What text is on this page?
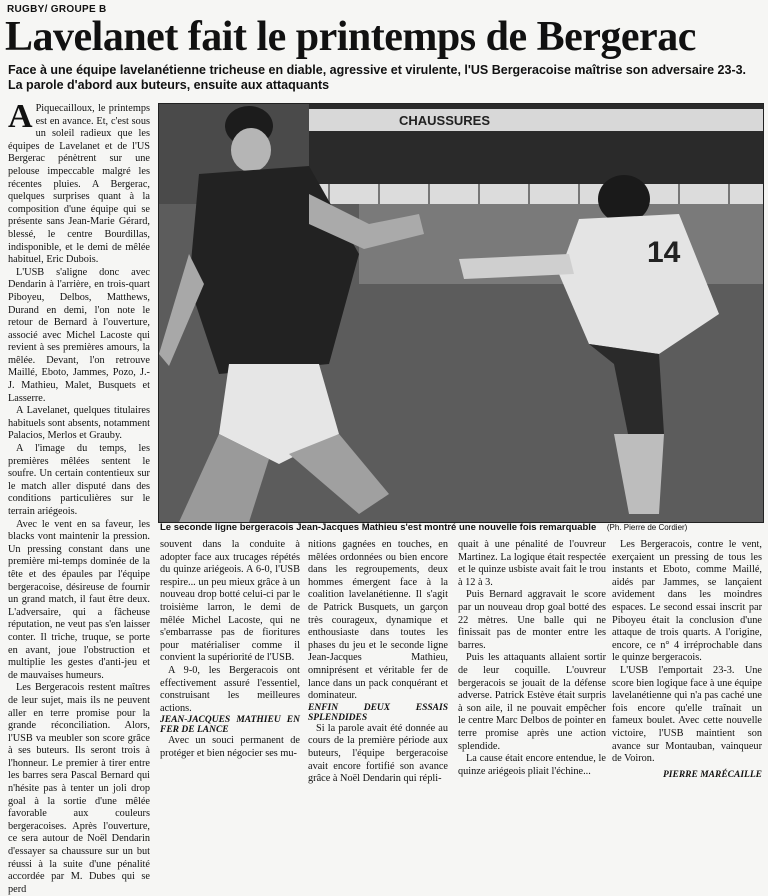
RUGBY/ GROUPE B
Lavelanet fait le printemps de Bergerac
Face à une équipe lavelanétienne tricheuse en diable, agressive et virulente, l'US Bergeracoise maîtrise son adversaire 23-3.
La parole d'abord aux buteurs, ensuite aux attaquants
A Piquecailloux, le printemps est en avance. Et, c'est sous un soleil radieux que les équipes de Lavelanet et de l'US Bergerac pénètrent sur une pelouse impeccable malgré les récentes pluies. A Bergerac, quelques surprises quant à la composition d'une équipe qui se présente sans Jean-Marie Gérard, blessé, le centre Bourdillas, indisponible, et le demi de mêlée habituel, Eric Dubois.

L'USB s'aligne donc avec Dendarin à l'arrière, en trois-quart Piboyeu, Delbos, Matthews, Durand en demi, l'on note le retour de Bernard à l'ouverture, associé avec Michel Lacoste qui revient à ses premières amours, la mêlée. Devant, l'on retrouve Maillé, Eboto, Jammes, Pozo, J.-J. Mathieu, Malet, Busquets et Lasserre.

A Lavelanet, quelques titulaires habituels sont absents, notamment Palacios, Merlos et Grauby.

A l'image du temps, les premières mêlées sentent le soufre. Un certain contentieux sur le match aller disputé dans des conditions particulières sur le terrain ariégeois.

Avec le vent en sa faveur, les blacks vont maintenir la pression. Un pressing constant dans une première mi-temps dominée de la tête et des épaules par l'équipe bergeracoise, désireuse de fournir un grand match, il faut être deux. L'adversaire, qui a fâcheuse réputation, ne veut pas s'en laisser conter. Il triche, truque, se porte en avant, joue l'obstruction et multiplie les gestes d'anti-jeu et de mauvaises humeurs.

Les Bergeracois restent maîtres de leur sujet, mais ils ne peuvent aller en terre promise pour la grande réconciliation. Alors, l'USB va meubler son score grâce à ses buteurs. Ils seront trois à l'honneur. Le premier à tirer entre les barres sera Pascal Bernard qui n'hésite pas à tenter un joli drop goal à la sortie d'une mêlée favorable aux couleurs bergeracoises. Après l'ouverture, ce sera autour de Noël Dendarin d'essayer sa chaussure sur un but réussi à la suite d'une pénalité accordée par M. Dubes qui se perd

CHAUSSURES
14
Le seconde ligne bergeracois Jean-Jacques Mathieu s'est montré une nouvelle fois remarquable (Ph. Pierre de Cordier)

souvent dans la conduite à adopter face aux trucages répétés du quinze ariégeois. A 6-0, l'USB respire... un peu mieux grâce à un nouveau drop botté celui-ci par le troisième larron, le demi de mêlée Michel Lacoste, qui ne s'embarrasse pas de fioritures pour matérialiser comme il convient la supériorité de l'USB.

A 9-0, les Bergeracois ont effectivement assuré l'essentiel, construisant les meilleures actions.

JEAN-JACQUES MATHIEU EN FER DE LANCE

Avec un souci permanent de protéger et bien négocier ses mu-

nitions gagnées en touches, en mêlées ordonnées ou bien encore dans les regroupements, deux hommes émergent face à la coalition lavelanétienne. Il s'agit de Patrick Busquets, un garçon très courageux, dynamique et enthousiaste dans toutes les phases du jeu et le seconde ligne Jean-Jacques Mathieu, omniprésent et véritable fer de lance dans un pack conquérant et dominateur.

ENFIN DEUX ESSAIS SPLENDIDES

Si la parole avait été donnée au cours de la première période aux buteurs, l'équipe bergeracoise avait encore fortifié son avance grâce à Noël Dendarin qui répli-

quait à une pénalité de l'ouvreur Martinez. La logique était respectée et le quinze usbiste avait fait le trou à 12 à 3.

Puis Bernard aggravait le score par un nouveau drop goal botté des 22 mètres. Une balle qui ne finissait pas de monter entre les barres.

Puis les attaquants allaient sortir de leur coquille. L'ouvreur bergeracois se jouait de la défense adverse. Patrick Estève était surpris à son aile, il ne pouvait empêcher le centre Marc Delbos de pointer en terre promise après une action splendide.

La cause était encore entendue, le quinze ariégeois pliait l'échine...

Les Bergeracois, contre le vent, exerçaient un pressing de tous les instants et Eboto, comme Maillé, aidés par Jammes, se lançaient avidement dans les moindres espaces. Le second essai inscrit par Piboyeu était la conclusion d'une attaque de trois quarts. A l'origine, encore, ce n° 4 irréprochable dans le quinze bergeracois.

L'USB l'emportait 23-3. Une score bien logique face à une équipe lavelanétienne qui n'a pas caché une fois encore qu'elle traînait un fameux boulet. Avec cette nouvelle victoire, l'USB maintient son avance sur Montauban, vainqueur de Voiron.

PIERRE MARÉCAILLE
